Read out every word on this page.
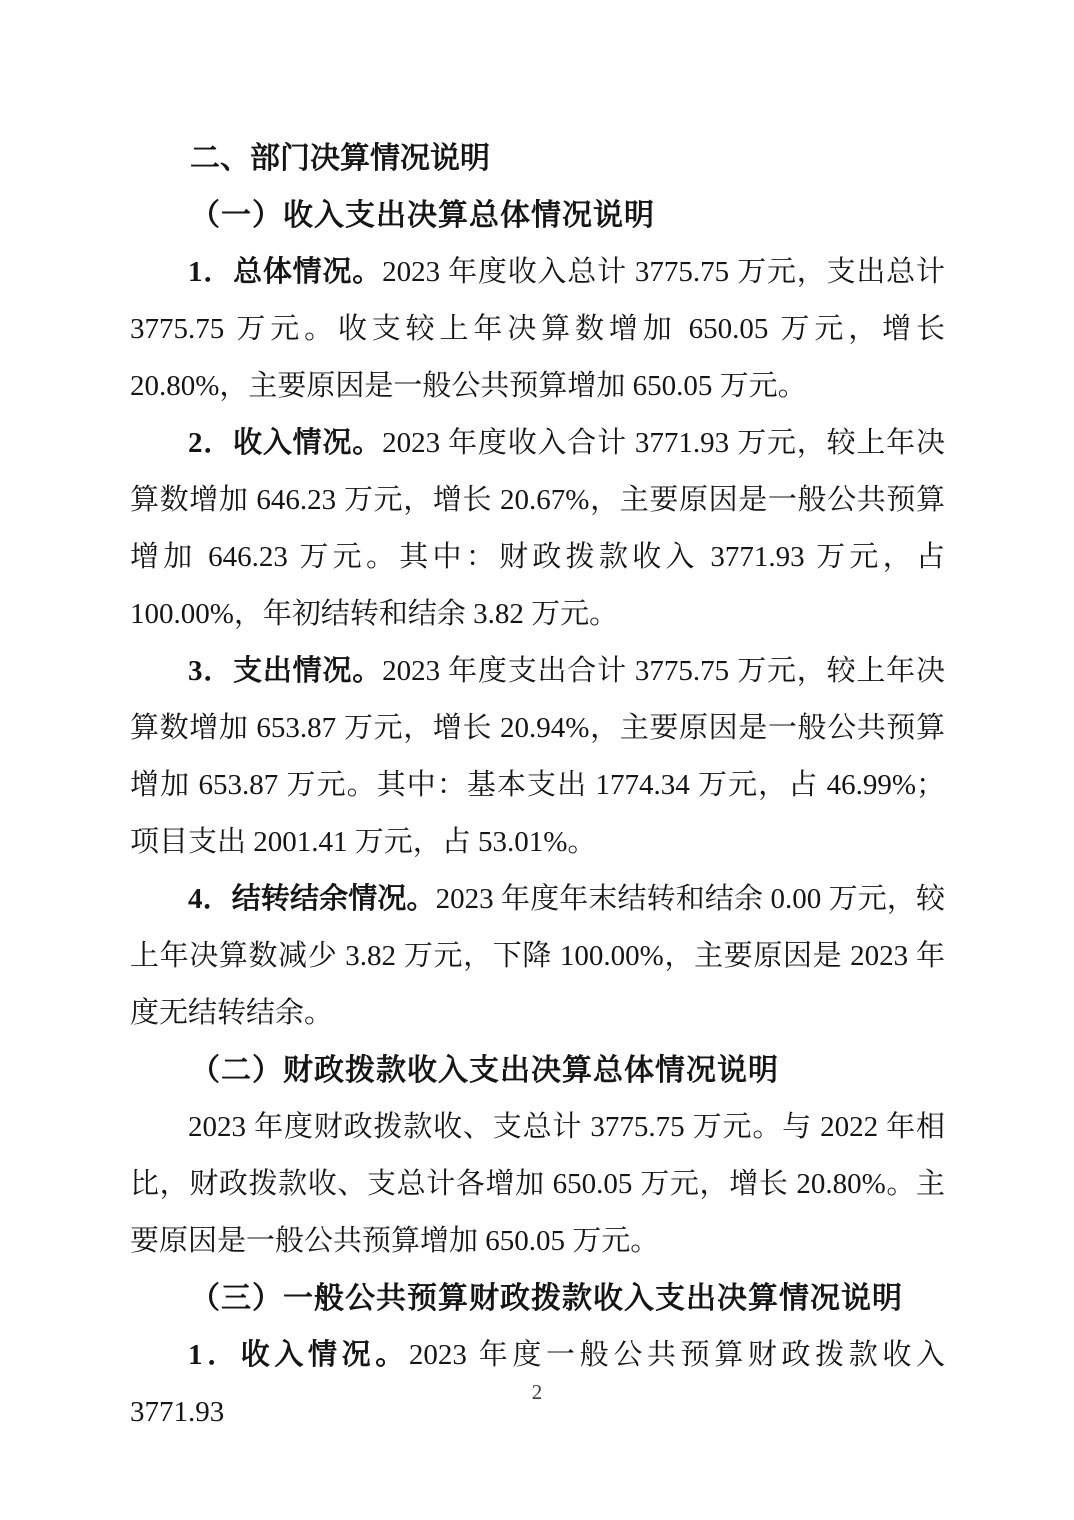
二、部门决算情况说明
（一）收入支出决算总体情况说明

1．总体情况。2023 年度收入总计 3775.75 万元，支出总计 3775.75 万元。收支较上年决算数增加 650.05 万元，增长 20.80%，主要原因是一般公共预算增加 650.05 万元。

2．收入情况。2023 年度收入合计 3771.93 万元，较上年决算数增加 646.23 万元，增长 20.67%，主要原因是一般公共预算增加 646.23 万元。其中：财政拨款收入 3771.93 万元，占 100.00%，年初结转和结余 3.82 万元。

3．支出情况。2023 年度支出合计 3775.75 万元，较上年决算数增加 653.87 万元，增长 20.94%，主要原因是一般公共预算增加 653.87 万元。其中：基本支出 1774.34 万元，占 46.99%；项目支出 2001.41 万元，占 53.01%。

4．结转结余情况。2023 年度年末结转和结余 0.00 万元，较上年决算数减少 3.82 万元，下降 100.00%，主要原因是 2023 年度无结转结余。

（二）财政拨款收入支出决算总体情况说明

2023 年度财政拨款收、支总计 3775.75 万元。与 2022 年相比，财政拨款收、支总计各增加 650.05 万元，增长 20.80%。主要原因是一般公共预算增加 650.05 万元。

（三）一般公共预算财政拨款收入支出决算情况说明

1．收入情况。2023 年度一般公共预算财政拨款收入 3771.93

2
